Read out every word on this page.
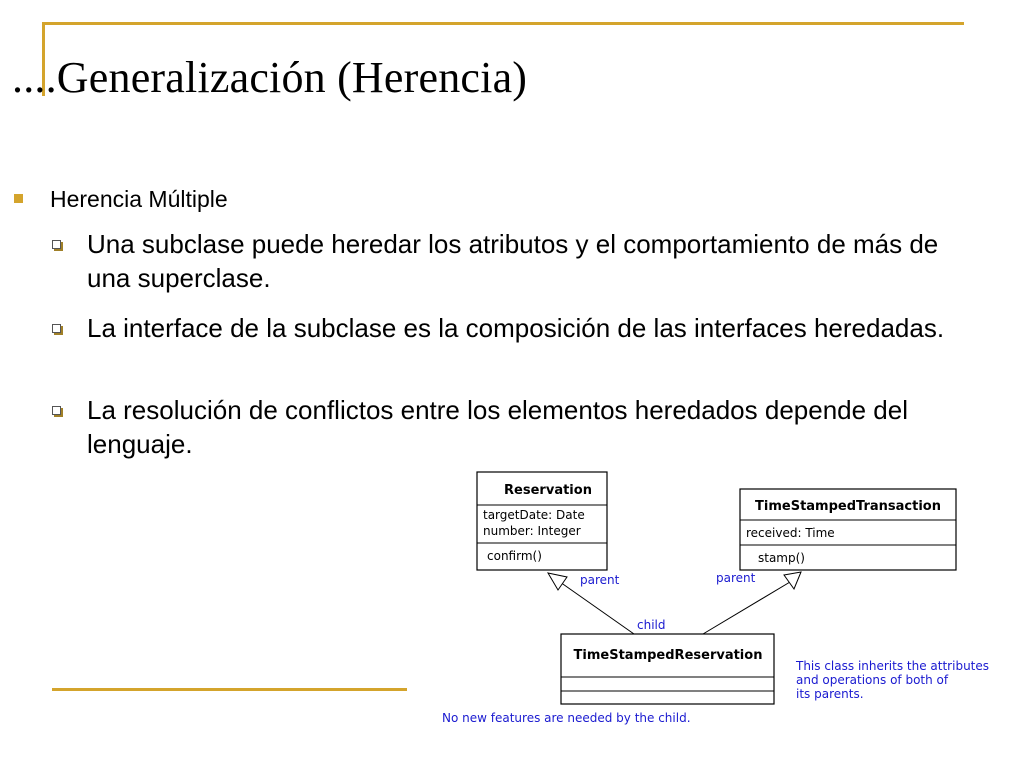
....Generalización (Herencia)
Herencia Múltiple
Una subclase puede heredar los atributos y el comportamiento de más de una superclase.
La interface de la subclase es la composición de las interfaces heredadas.
La resolución de conflictos entre los elementos heredados depende del lenguaje.
Reservation
targetDate: Date
number: Integer
confirm()
TimeStampedTransaction
received: Time
stamp()
TimeStampedReservation
parent	parent
child
This class inherits the attributes
and operations of both of
its parents.
No new features are needed by the child.
